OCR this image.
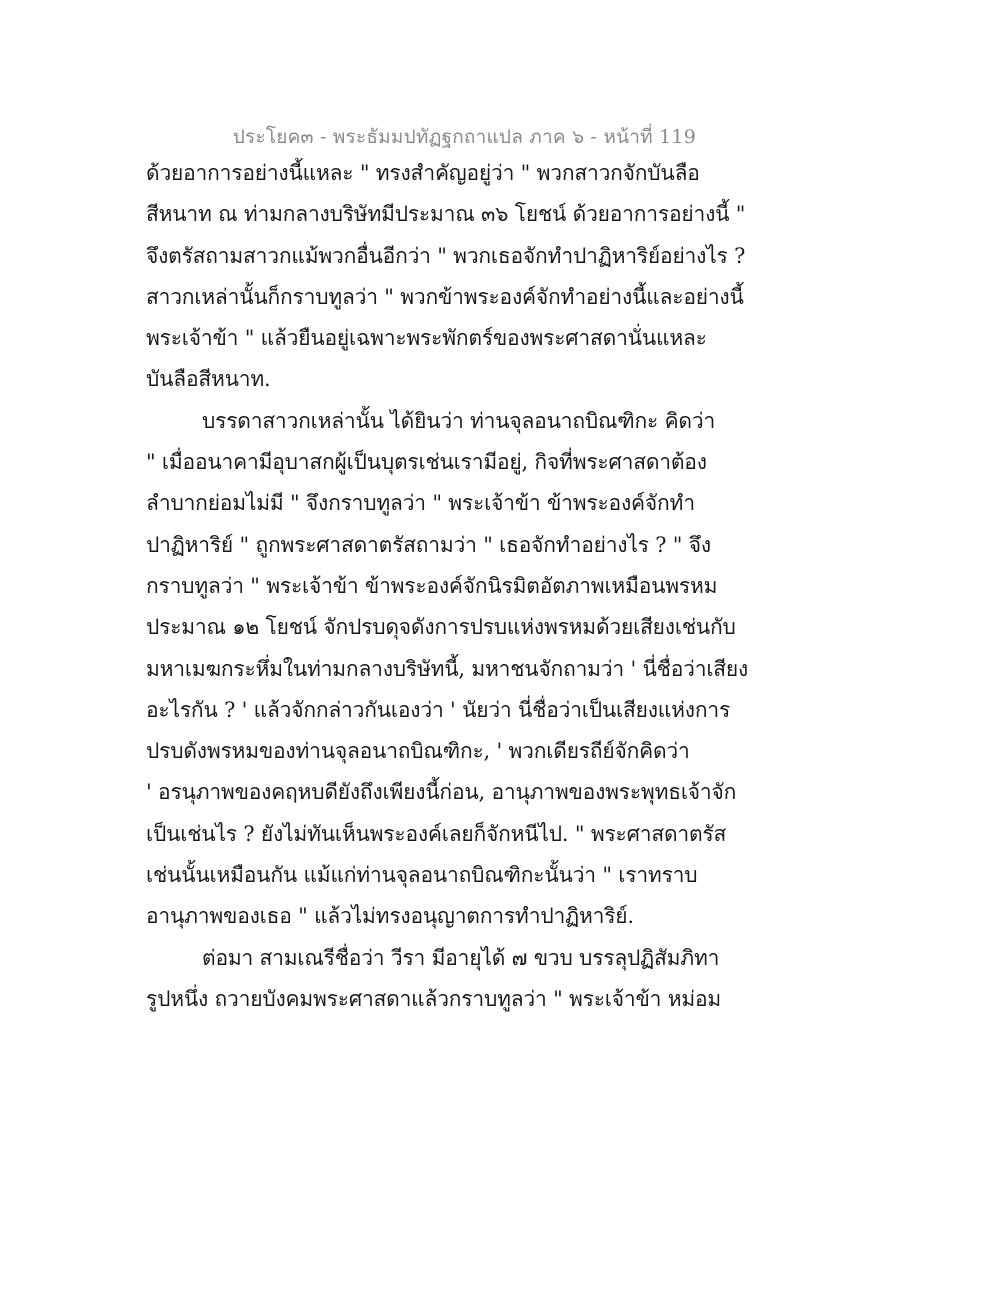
ประโยค๓ - พระธัมมปทัฏฐกถาแปล ภาค ๖ - หน้าที่ 119
ด้วยอาการอย่างนี้แหละ " ทรงสำคัญอยู่ว่า " พวกสาวกจักบันลือ
สีหนาท ณ ท่ามกลางบริษัทมีประมาณ ๓๖ โยชน์ ด้วยอาการอย่างนี้ "
จึงตรัสถามสาวกแม้พวกอื่นอีกว่า " พวกเธอจักทำปาฏิหาริย์อย่างไร ?
สาวกเหล่านั้นก็กราบทูลว่า " พวกข้าพระองค์จักทำอย่างนี้และอย่างนี้
พระเจ้าข้า " แล้วยืนอยู่เฉพาะพระพักตร์ของพระศาสดานั่นแหละ
บันลือสีหนาท.
บรรดาสาวกเหล่านั้น ได้ยินว่า ท่านจุลอนาถบิณฑิกะ คิดว่า
" เมื่ออนาคามีอุบาสกผู้เป็นบุตรเช่นเรามีอยู่, กิจที่พระศาสดาต้อง
ลำบากย่อมไม่มี " จึงกราบทูลว่า " พระเจ้าข้า ข้าพระองค์จักทำ
ปาฏิหาริย์ " ถูกพระศาสดาตรัสถามว่า " เธอจักทำอย่างไร ? " จึง
กราบทูลว่า " พระเจ้าข้า ข้าพระองค์จักนิรมิตอัตภาพเหมือนพรหม
ประมาณ ๑๒ โยชน์ จักปรบดุจดังการปรบแห่งพรหมด้วยเสียงเช่นกับ
มหาเมฆกระหึ่มในท่ามกลางบริษัทนี้, มหาชนจักถามว่า ' นี่ชื่อว่าเสียง
อะไรกัน ? ' แล้วจักกล่าวกันเองว่า ' นัยว่า นี่ชื่อว่าเป็นเสียงแห่งการ
ปรบดังพรหมของท่านจุลอนาถบิณฑิกะ, ' พวกเดียรถีย์จักคิดว่า
' อรนุภาพของคฤหบดียังถึงเพียงนี้ก่อน, อานุภาพของพระพุทธเจ้าจัก
เป็นเช่นไร ? ยังไม่ทันเห็นพระองค์เลยก็จักหนีไป. " พระศาสดาตรัส
เช่นนั้นเหมือนกัน แม้แก่ท่านจุลอนาถบิณฑิกะนั้นว่า " เราทราบ
อานุภาพของเธอ " แล้วไม่ทรงอนุญาตการทำปาฏิหาริย์.
ต่อมา สามเณรีชื่อว่า วีรา มีอายุได้ ๗ ขวบ บรรลุปฏิสัมภิทา
รูปหนึ่ง ถวายบังคมพระศาสดาแล้วกราบทูลว่า " พระเจ้าข้า หม่อม
